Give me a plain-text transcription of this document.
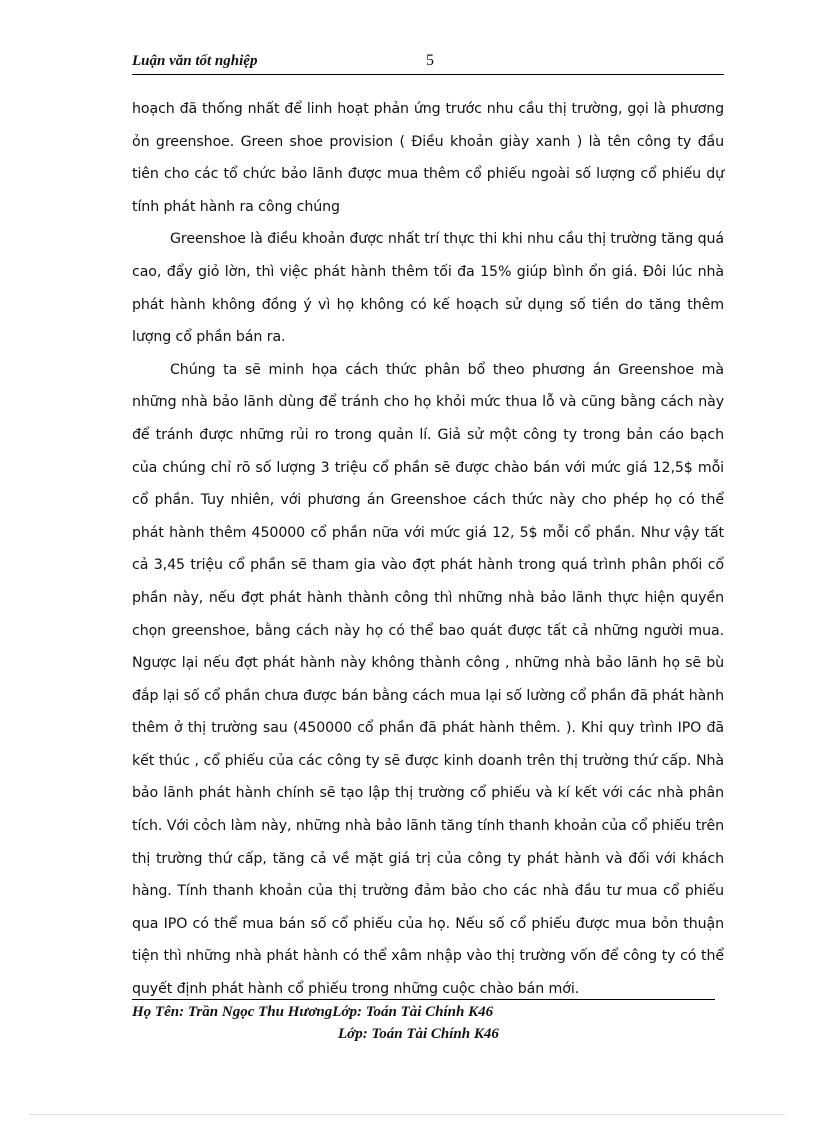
Luận văn tốt nghiệp	5

hoạch đã thống nhất để linh hoạt phản ứng trước nhu cầu thị trường, gọi là phương ỏn greenshoe. Green shoe provision ( Điều khoản giày xanh ) là tên công ty đầu tiên cho các tổ chức bảo lãnh được mua thêm cổ phiếu ngoài số lượng cổ phiếu dự tính phát hành ra công chúng

Greenshoe là điều khoản được nhất trí thực thi khi nhu cầu thị trường tăng quá cao, đẩy giỏ lờn, thì việc phát hành thêm tối đa 15% giúp bình ổn giá. Đôi lúc nhà phát hành không đồng ý vì họ không có kế hoạch sử dụng số tiền do tăng thêm lượng cổ phần bán ra.

Chúng ta sẽ minh họa cách thức phân bổ theo phương án Greenshoe mà những nhà bảo lãnh dùng để tránh cho họ khỏi mức thua lỗ và cũng bằng cách này để tránh được những rủi ro trong quản lí. Giả sử một công ty trong bản cáo bạch của chúng chỉ rõ số lượng 3 triệu cổ phần sẽ được chào bán với mức giá 12,5$ mỗi cổ phần. Tuy nhiên, với phương án Greenshoe cách thức này cho phép họ có thể phát hành thêm 450000 cổ phần nữa với mức giá 12, 5$ mỗi cổ phần. Như vậy tất cả 3,45 triệu cổ phần sẽ tham gia vào đợt phát hành trong quá trình phân phối cổ phần này, nếu đợt phát hành thành công thì những nhà bảo lãnh thực hiện quyền chọn greenshoe, bằng cách này họ có thể bao quát được tất cả những người mua. Ngược lại nếu đợt phát hành này không thành công , những nhà bảo lãnh họ sẽ bù đắp lại số cổ phần chưa được bán bằng cách mua lại số lường cổ phần đã phát hành thêm ở thị trường sau (450000 cổ phần đã phát hành thêm. ). Khi quy trình IPO đã kết thúc , cổ phiếu của các công ty sẽ được kinh doanh trên thị trường thứ cấp. Nhà bảo lãnh phát hành chính sẽ tạo lập thị trường cổ phiếu và kí kết với các nhà phân tích. Với cỏch làm này, những nhà bảo lãnh tăng tính thanh khoản của cổ phiếu trên thị trường thứ cấp, tăng cả về mặt giá trị của công ty phát hành và đối với khách hàng. Tính thanh khoản của thị trường đảm bảo cho các nhà đầu tư mua cổ phiếu qua IPO có thể mua bán số cổ phiếu của họ. Nếu số cổ phiếu được mua bỏn thuận tiện thì những nhà phát hành có thể xâm nhập vào thị trường vốn để công ty có thể quyết định phát hành cổ phiếu trong những cuộc chào bán mới.

Họ Tên: Trần Ngọc Thu HươngLớp: Toán Tài Chính K46
Lớp: Toán Tài Chính K46
